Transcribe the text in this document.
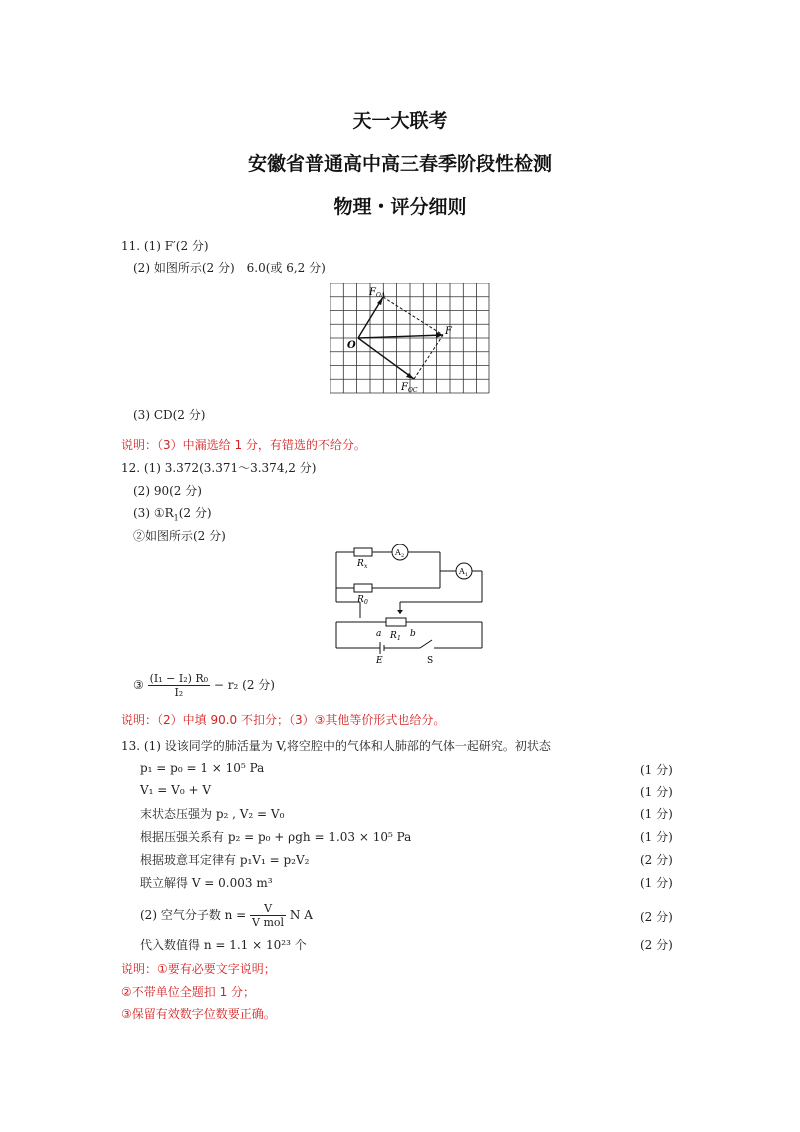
天一大联考
安徽省普通高中高三春季阶段性检测
物理・评分细则
11. (1) F′(2 分)
(2) 如图所示(2 分)　6.0(或 6,2 分)
O
F OA
F
F OC
(3) CD(2 分)
说明：（3）中漏选给 1 分，有错选的不给分。
12. (1) 3.372(3.371～3.374,2 分)
(2) 90(2 分)
(3) $①R_1(2$ 分)
②如图所示(2 分)
R x
R 0
A 2
A 1
a	b
R 1
E	S
③ $\frac{\text{(I₁ − I₂) R₀}}{\text{I₂}} - r_2$ (2 分)
说明：（2）中填 90.0 不扣分；（3）③其他等价形式也给分。
13. (1) 设该同学的肺活量为 V,将空腔中的气体和人肺部的气体一起研究。初状态
p₁ = p₀ = 1 × 10⁵ Pa	(1 分)
V₁ = V₀ + V	(1 分)
末状态压强为 p₂ , V₂ = V₀	(1 分)
根据压强关系有 p₂ = p₀ + ρgh = 1.03 × 10⁵ Pa	(1 分)
根据玻意耳定律有 p₁V₁ = p₂V₂	(2 分)
联立解得 V = 0.003 m³	(1 分)
(2) 空气分子数 $n = \frac{V}{\text{V mol}}$ N A	(2 分)
代入数值得 n = 1.1 × 10²³ 个	(2 分)
说明：①要有必要文字说明；
②不带单位全题扣 1 分；
③保留有效数字位数要正确。
